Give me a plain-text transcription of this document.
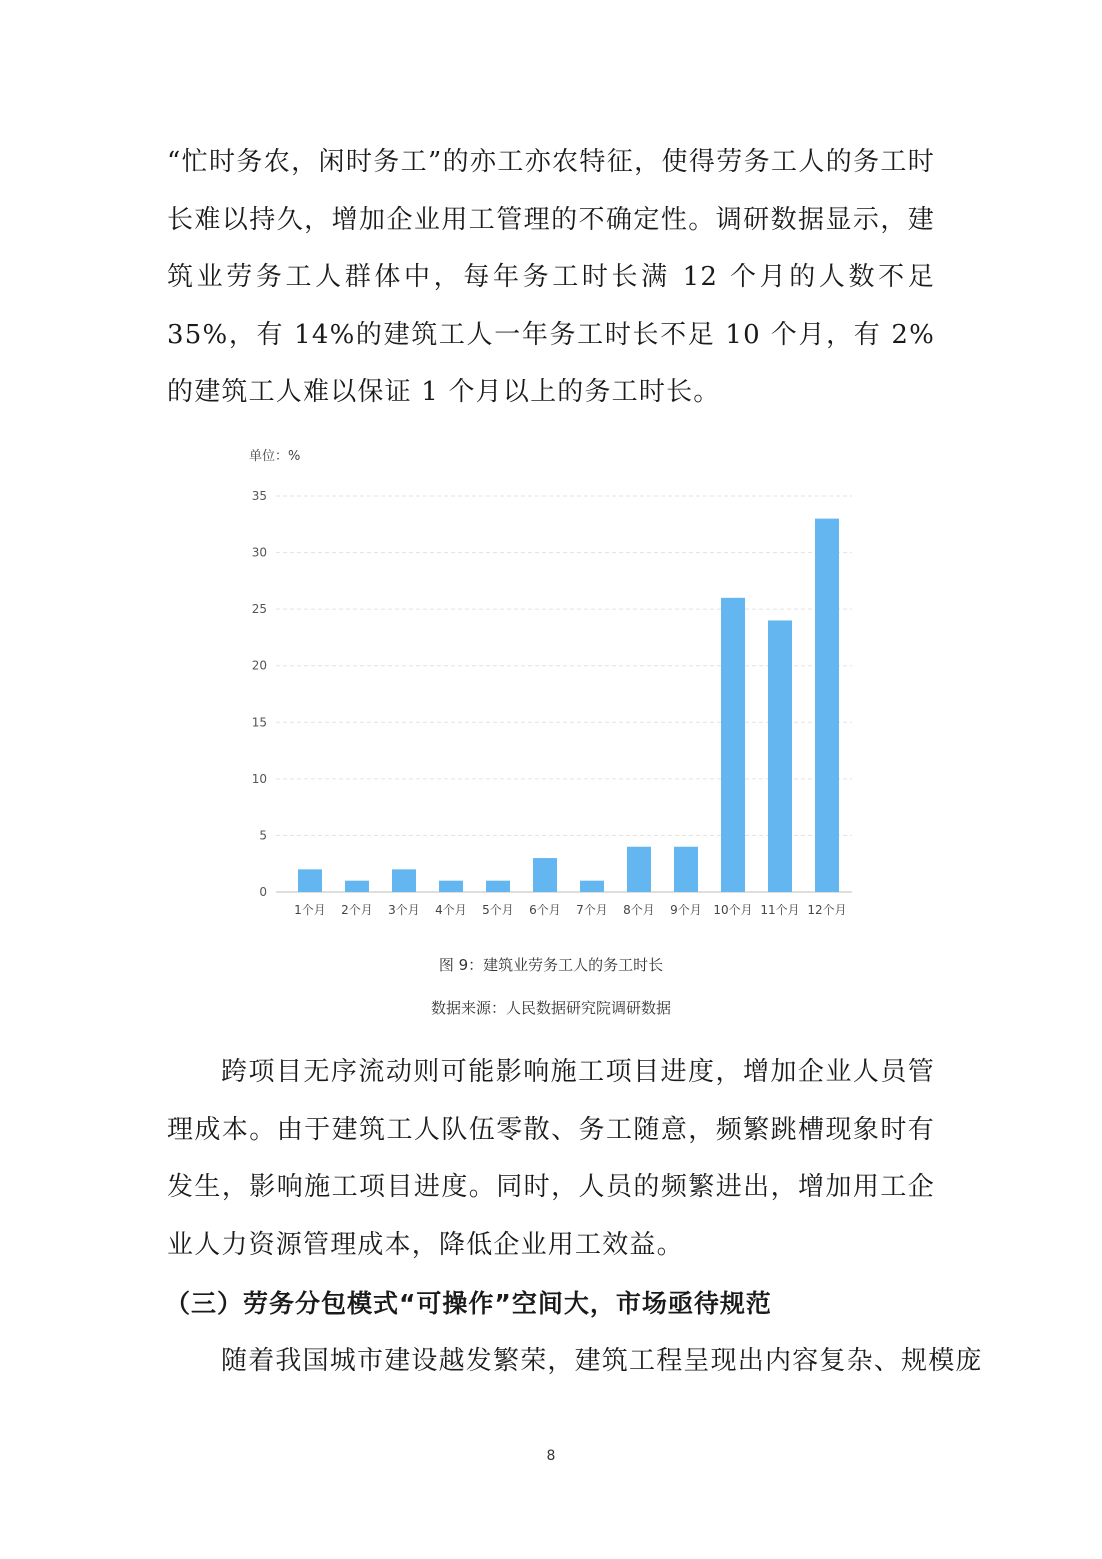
“忙时务农，闲时务工”的亦工亦农特征，使得劳务工人的务工时长难以持久，增加企业用工管理的不确定性。调研数据显示，建筑业劳务工人群体中，每年务工时长满 12 个月的人数不足 35%，有 14%的建筑工人一年务工时长不足 10 个月，有 2%的建筑工人难以保证 1 个月以上的务工时长。

单位：%
0
5
10
15
20
25
30
35
1个月 2个月 3个月 4个月 5个月 6个月 7个月 8个月 9个月 10个月 11个月 12个月
图 9：建筑业劳务工人的务工时长
数据来源：人民数据研究院调研数据

跨项目无序流动则可能影响施工项目进度，增加企业人员管理成本。由于建筑工人队伍零散、务工随意，频繁跳槽现象时有发生，影响施工项目进度。同时，人员的频繁进出，增加用工企业人力资源管理成本，降低企业用工效益。

（三）劳务分包模式“可操作”空间大，市场亟待规范

随着我国城市建设越发繁荣，建筑工程呈现出内容复杂、规模庞

8
